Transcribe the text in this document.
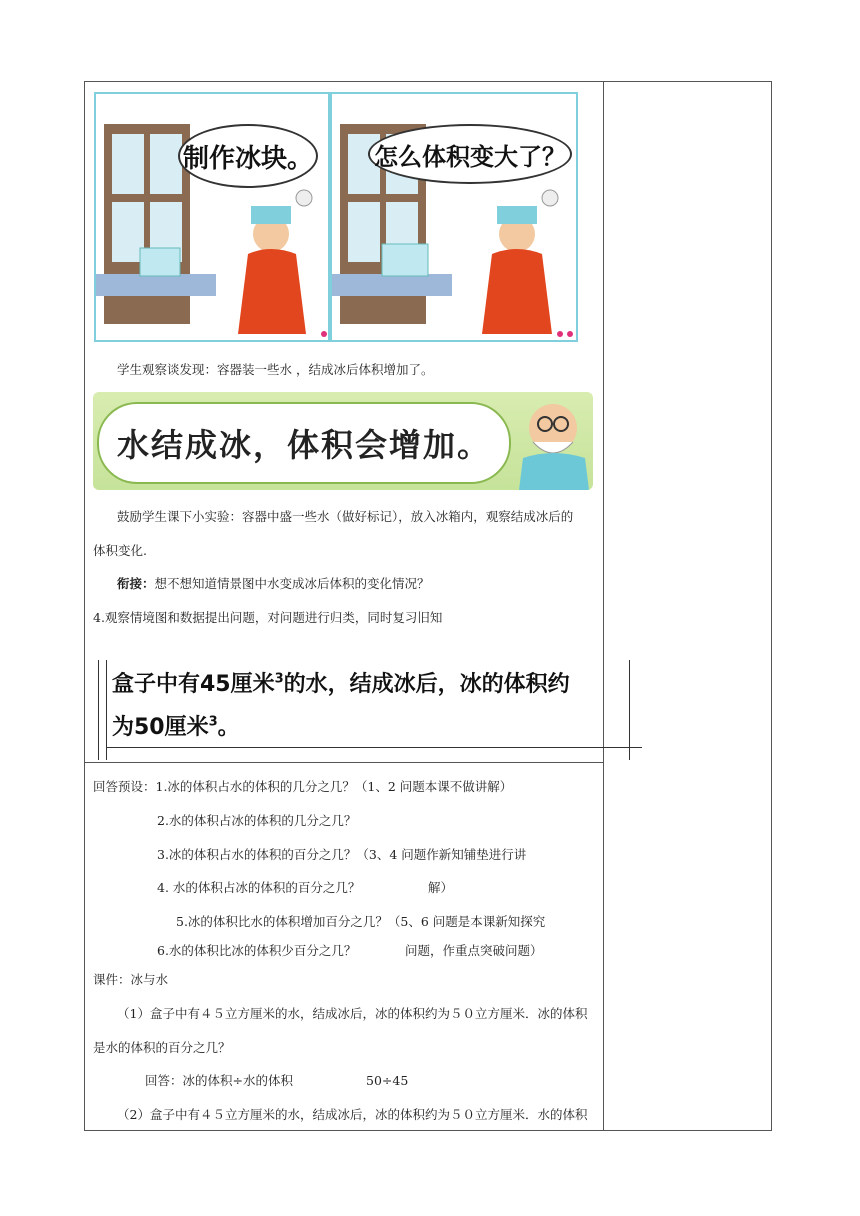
制作冰块。	怎么体积变大了？
学生观察谈发现：容器装一些水 ，结成冰后体积增加了。
水结成冰，体积会增加。
鼓励学生课下小实验：容器中盛一些水（做好标记），放入冰箱内，观察结成冰后的
体积变化.
衔接：想不想知道情景图中水变成冰后体积的变化情况？
4.观察情境图和数据提出问题，对问题进行归类，同时复习旧知
盒子中有45厘米$^3$的水，结成冰后，冰的体积约
为50厘米$^3$。
回答预设：1.冰的体积占水的体积的几分之几？（1、2 问题本课不做讲解）
2.水的体积占冰的体积的几分之几？
3.冰的体积占水的体积的百分之几？（3、4 问题作新知铺垫进行讲
4. 水的体积占冰的体积的百分之几？	解）
5.冰的体积比水的体积增加百分之几？（5、6 问题是本课新知探究
6.水的体积比冰的体积少百分之几？	问题，作重点突破问题）
课件：冰与水
（1）盒子中有４５立方厘米的水，结成冰后，冰的体积约为５０立方厘米．冰的体积
是水的体积的百分之几？
回答：冰的体积÷水的体积	50÷45
（2）盒子中有４５立方厘米的水，结成冰后，冰的体积约为５０立方厘米．水的体积
